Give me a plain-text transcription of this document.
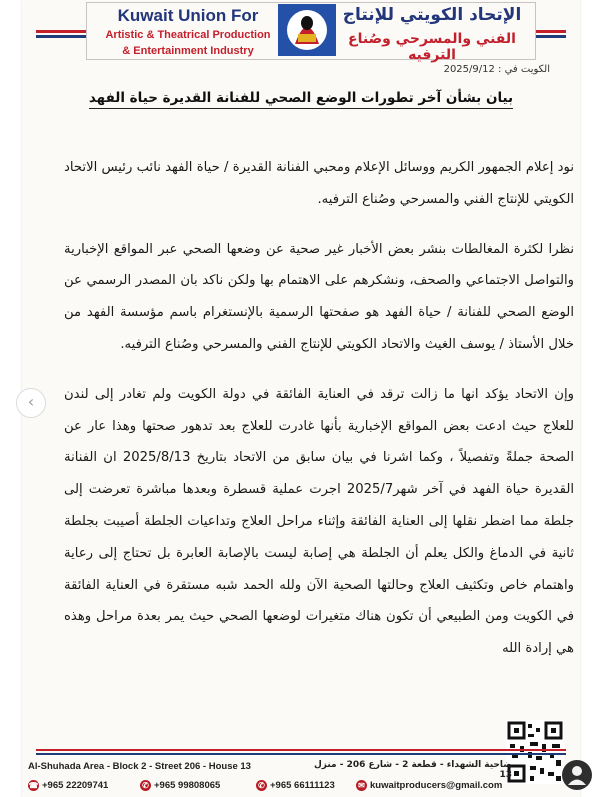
Kuwait Union For
Artistic & Theatrical Production
& Entertainment Industry
الإتحاد الكويتي للإنتاج
الفني والمسرحي وصُناع الترفيه
الكويت في : 2025/9/12
بيان بشأن آخر تطورات الوضع الصحي للفنانة القديرة حياة الفهد

نود إعلام الجمهور الكريم ووسائل الإعلام ومحبي الفنانة القديرة / حياة الفهد نائب رئيس الاتحاد الكويتي للإنتاج الفني والمسرحي وصُناع الترفيه.

نظرا لكثرة المغالطات بنشر بعض الأخبار غير صحية عن وضعها الصحي عبر المواقع الإخبارية والتواصل الاجتماعي والصحف، ونشكرهم على الاهتمام بها ولكن ناكد بان المصدر الرسمي عن الوضع الصحي للفنانة / حياة الفهد هو صفحتها الرسمية بالإنستغرام باسم مؤسسة الفهد من خلال الأستاذ / يوسف الغيث والاتحاد الكويتي للإنتاج الفني والمسرحي وصُناع الترفيه.

وإن الاتحاد يؤكد انها ما زالت ترقد في العناية الفائقة في دولة الكويت ولم تغادر إلى لندن للعلاج حيث ادعت بعض المواقع الإخبارية بأنها غادرت للعلاج بعد تدهور صحتها وهذا عار عن الصحة جملةً وتفصيلاً ، وكما اشرنا في بيان سابق من الاتحاد بتاريخ 2025/8/13 ان الفنانة القديرة حياة الفهد في آخر شهر2025/7 اجرت عملية قسطرة وبعدها مباشرة تعرضت إلى جلطة مما اضطر نقلها إلى العناية الفائقة وإثناء مراحل العلاج وتداعيات الجلطة أصيبت بجلطة ثانية في الدماغ والكل يعلم أن الجلطة هي إصابة ليست بالإصابة العابرة بل تحتاج إلى رعاية واهتمام خاص وتكثيف العلاج وحالتها الصحية الآن ولله الحمد شبه مستقرة في العناية الفائقة في الكويت ومن الطبيعي أن تكون هناك متغيرات لوضعها الصحي حيث يمر بعدة مراحل وهذه هي إرادة الله

Al-Shuhada Area - Block 2 - Street 206 - House 13	ضاحية الشهداء - قطعة 2 - شارع 206 - منزل 13
☎ +965 22209741	✆ +965 99808065	✆ +965 66111123	✉ kuwaitproducers@gmail.com
‹
